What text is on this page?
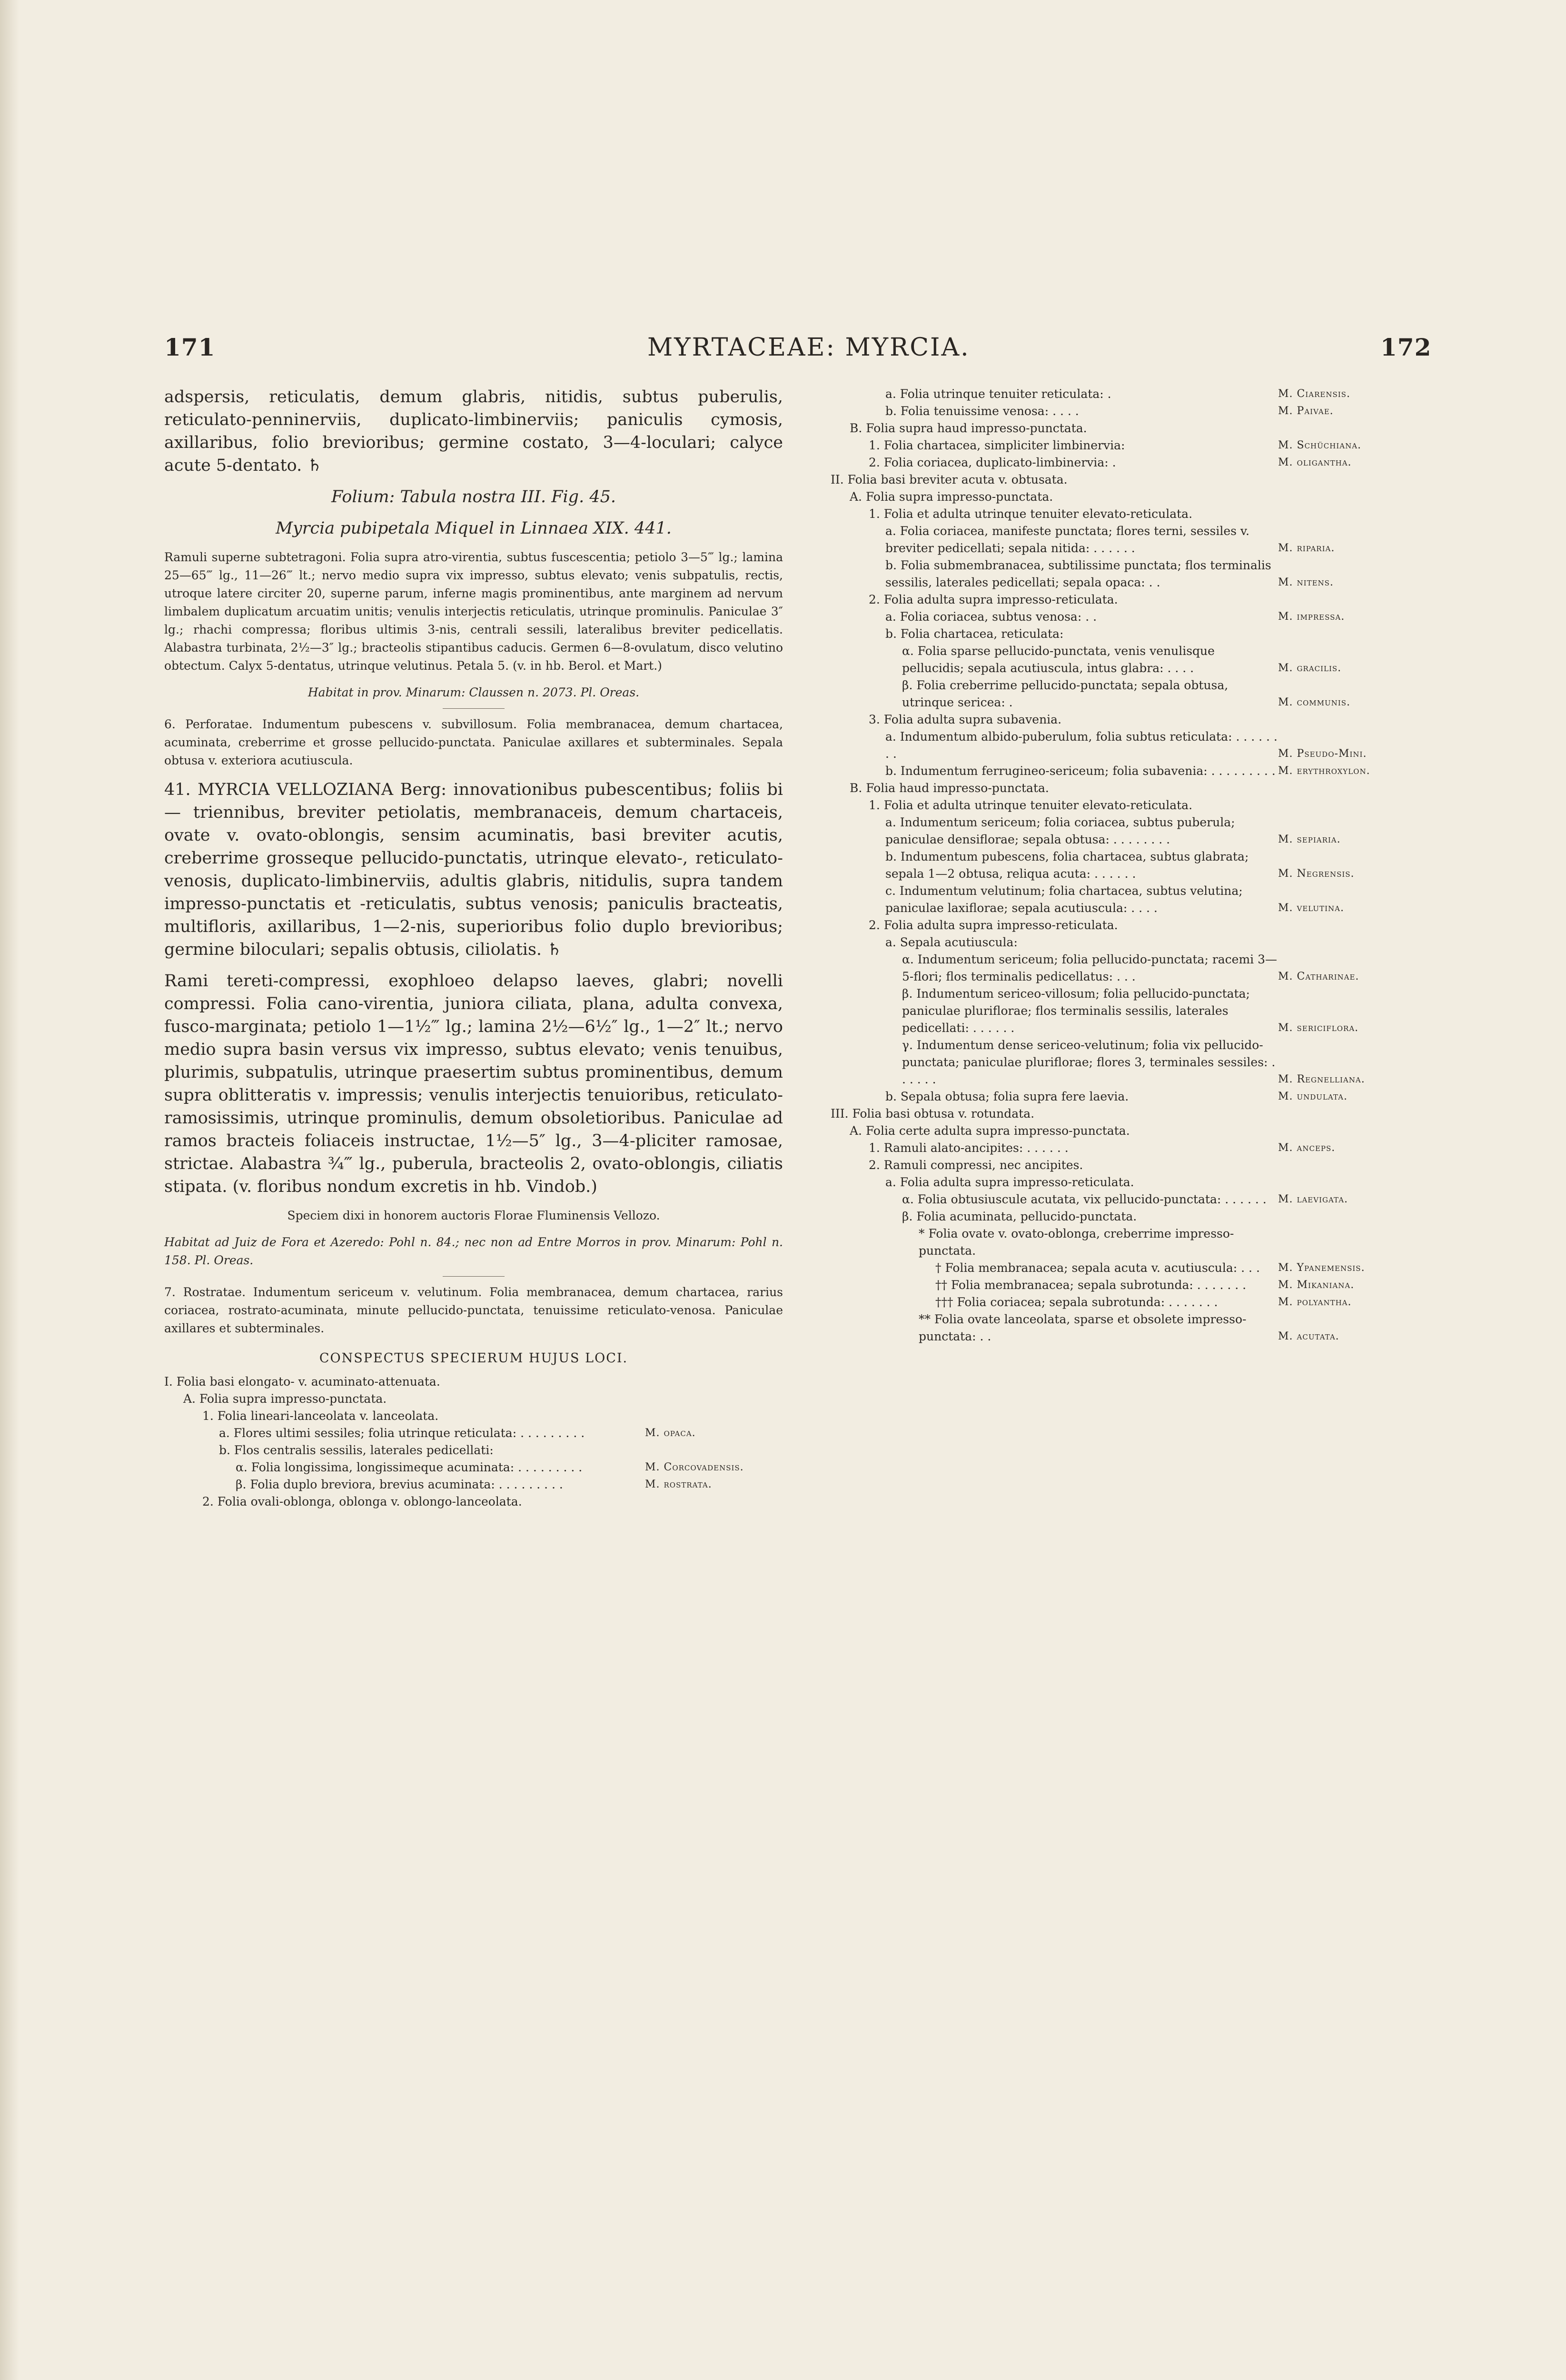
171	MYRTACEAE: MYRCIA.	172

adspersis, reticulatis, demum glabris, nitidis, subtus puberulis, reticulato-penninerviis, duplicato-limbinerviis; paniculis cymosis, axillaribus, folio brevioribus; germine costato, 3—4-loculari; calyce acute 5-dentato. ♄

Folium: Tabula nostra III. Fig. 45.

Myrcia pubipetala Miquel in Linnaea XIX. 441.

Ramuli superne subtetragoni. Folia supra atro-virentia, subtus fuscescentia; petiolo 3—5‴ lg.; lamina 25—65‴ lg., 11—26‴ lt.; nervo medio supra vix impresso, subtus elevato; venis subpatulis, rectis, utroque latere circiter 20, superne parum, inferne magis prominentibus, ante marginem ad nervum limbalem duplicatum arcuatim unitis; venulis interjectis reticulatis, utrinque prominulis. Paniculae 3″ lg.; rhachi compressa; floribus ultimis 3-nis, centrali sessili, lateralibus breviter pedicellatis. Alabastra turbinata, 2½—3″ lg.; bracteolis stipantibus caducis. Germen 6—8-ovulatum, disco velutino obtectum. Calyx 5-dentatus, utrinque velutinus. Petala 5. (v. in hb. Berol. et Mart.)

Habitat in prov. Minarum: Claussen n. 2073. Pl. Oreas.

6. Perforatae. Indumentum pubescens v. subvillosum. Folia membranacea, demum chartacea, acuminata, creberrime et grosse pellucido-punctata. Paniculae axillares et subterminales. Sepala obtusa v. exteriora acutiuscula.

41. MYRCIA VELLOZIANA Berg: innovationibus pubescentibus; foliis bi — triennibus, breviter petiolatis, membranaceis, demum chartaceis, ovate v. ovato-oblongis, sensim acuminatis, basi breviter acutis, creberrime grosseque pellucido-punctatis, utrinque elevato-, reticulato-venosis, duplicato-limbinerviis, adultis glabris, nitidulis, supra tandem impresso-punctatis et -reticulatis, subtus venosis; paniculis bracteatis, multifloris, axillaribus, 1—2-nis, superioribus folio duplo brevioribus; germine biloculari; sepalis obtusis, ciliolatis. ♄

Rami tereti-compressi, exophloeo delapso laeves, glabri; novelli compressi. Folia cano-virentia, juniora ciliata, plana, adulta convexa, fusco-marginata; petiolo 1—1½‴ lg.; lamina 2½—6½″ lg., 1—2″ lt.; nervo medio supra basin versus vix impresso, subtus elevato; venis tenuibus, plurimis, subpatulis, utrinque praesertim subtus prominentibus, demum supra oblitteratis v. impressis; venulis interjectis tenuioribus, reticulato-ramosissimis, utrinque prominulis, demum obsoletioribus. Paniculae ad ramos bracteis foliaceis instructae, 1½—5″ lg., 3—4-pliciter ramosae, strictae. Alabastra ¾‴ lg., puberula, bracteolis 2, ovato-oblongis, ciliatis stipata. (v. floribus nondum excretis in hb. Vindob.)

Speciem dixi in honorem auctoris Florae Fluminensis Vellozo.

Habitat ad Juiz de Fora et Azeredo: Pohl n. 84.; nec non ad Entre Morros in prov. Minarum: Pohl n. 158. Pl. Oreas.

7. Rostratae. Indumentum sericeum v. velutinum. Folia membranacea, demum chartacea, rarius coriacea, rostrato-acuminata, minute pellucido-punctata, tenuissime reticulato-venosa. Paniculae axillares et subterminales.

CONSPECTUS SPECIERUM HUJUS LOCI.
I. Folia basi elongato- v. acuminato-attenuata.
A. Folia supra impresso-punctata.
1. Folia lineari-lanceolata v. lanceolata.
a. Flores ultimi sessiles; folia utrinque reticulata: . . . . . . . . .	M. opaca.
b. Flos centralis sessilis, laterales pedicellati:
α. Folia longissima, longissimeque acuminata: . . . . . . . . .	M. Corcovadensis.
β. Folia duplo breviora, brevius acuminata: . . . . . . . . .	M. rostrata.
2. Folia ovali-oblonga, oblonga v. oblongo-lanceolata.
a. Folia utrinque tenuiter reticulata: .	M. Ciarensis.
b. Folia tenuissime venosa: . . . .	M. Paivae.
B. Folia supra haud impresso-punctata.
1. Folia chartacea, simpliciter limbinervia:	M. Schüchiana.
2. Folia coriacea, duplicato-limbinervia: .	M. oligantha.
II. Folia basi breviter acuta v. obtusata.
A. Folia supra impresso-punctata.
1. Folia et adulta utrinque tenuiter elevato-reticulata.
a. Folia coriacea, manifeste punctata; flores terni, sessiles v. breviter pedicellati; sepala nitida: . . . . . .	M. riparia.
b. Folia submembranacea, subtilissime punctata; flos terminalis sessilis, laterales pedicellati; sepala opaca: . .	M. nitens.
2. Folia adulta supra impresso-reticulata.
a. Folia coriacea, subtus venosa: . .	M. impressa.
b. Folia chartacea, reticulata:
α. Folia sparse pellucido-punctata, venis venulisque pellucidis; sepala acutiuscula, intus glabra: . . . .	M. gracilis.
β. Folia creberrime pellucido-punctata; sepala obtusa, utrinque sericea: .	M. communis.
3. Folia adulta supra subavenia.
a. Indumentum albido-puberulum, folia subtus reticulata: . . . . . . . .	M. Pseudo-Mini.
b. Indumentum ferrugineo-sericeum; folia subavenia: . . . . . . . . . M. erythroxylon.
B. Folia haud impresso-punctata.
1. Folia et adulta utrinque tenuiter elevato-reticulata.
a. Indumentum sericeum; folia coriacea, subtus puberula; paniculae densiflorae; sepala obtusa: . . . . . . . .	M. sepiaria.
b. Indumentum pubescens, folia chartacea, subtus glabrata; sepala 1—2 obtusa, reliqua acuta: . . . . . .	M. Negrensis.
c. Indumentum velutinum; folia chartacea, subtus velutina; paniculae laxiflorae; sepala acutiuscula: . . . .	M. velutina.
2. Folia adulta supra impresso-reticulata.
a. Sepala acutiuscula:
α. Indumentum sericeum; folia pellucido-punctata; racemi 3—5-flori; flos terminalis pedicellatus: . . .	M. Catharinae.
β. Indumentum sericeo-villosum; folia pellucido-punctata; paniculae pluriflorae; flos terminalis sessilis, laterales pedicellati: . . . . . .	M. sericiflora.
γ. Indumentum dense sericeo-velutinum; folia vix pellucido-punctata; paniculae pluriflorae; flores 3, terminales sessiles: . . . . . .	M. Regnelliana.
b. Sepala obtusa; folia supra fere laevia.	M. undulata.
III. Folia basi obtusa v. rotundata.
A. Folia certe adulta supra impresso-punctata.
1. Ramuli alato-ancipites: . . . . . .	M. anceps.
2. Ramuli compressi, nec ancipites.
a. Folia adulta supra impresso-reticulata.
α. Folia obtusiuscule acutata, vix pellucido-punctata: . . . . . .	M. laevigata.
β. Folia acuminata, pellucido-punctata.
* Folia ovate v. ovato-oblonga, creberrime impresso-punctata.
† Folia membranacea; sepala acuta v. acutiuscula: . . .	M. Ypanemensis.
†† Folia membranacea; sepala subrotunda: . . . . . . .	M. Mikaniana.
††† Folia coriacea; sepala subrotunda: . . . . . . .	M. polyantha.
** Folia ovate lanceolata, sparse et obsolete impresso-punctata: . .	M. acutata.
